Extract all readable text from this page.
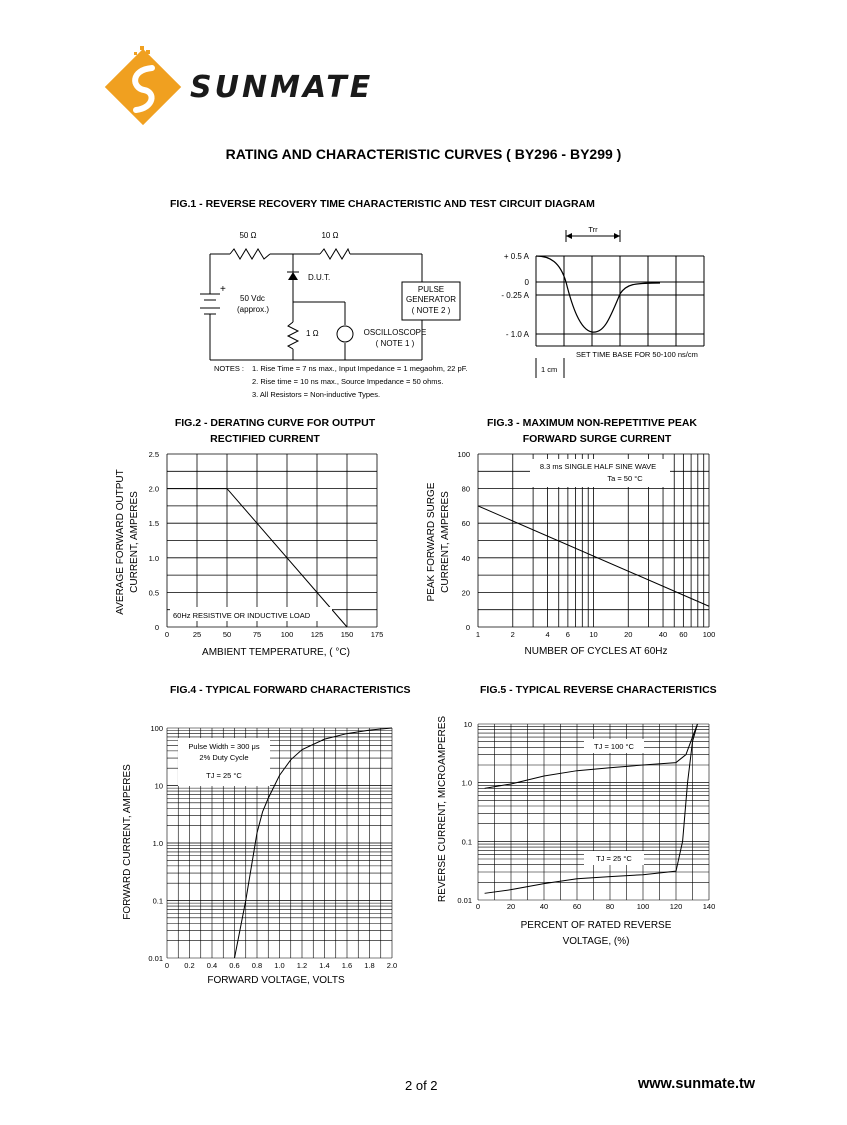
SUNMATE
RATING AND CHARACTERISTIC CURVES ( BY296 - BY299 )
FIG.1 - REVERSE RECOVERY TIME CHARACTERISTIC AND TEST CIRCUIT DIAGRAM
50 Ω	10 Ω
D.U.T.
+
50 Vdc
(approx.)
1 Ω
PULSE
GENERATOR
( NOTE 2 )
OSCILLOSCOPE
( NOTE 1 )
NOTES : 1. Rise Time = 7 ns max., Input Impedance = 1 megaohm, 22 pF.
2. Rise time = 10 ns max., Source Impedance = 50 ohms.
3. All Resistors = Non-inductive Types.
Trr
+ 0.5 A
0
- 0.25 A
- 1.0 A
SET TIME BASE FOR 50-100 ns/cm
1 cm
FIG.2 - DERATING CURVE FOR OUTPUT
RECTIFIED CURRENT
FIG.3 - MAXIMUM NON-REPETITIVE PEAK
FORWARD SURGE CURRENT
0	25	50	75	100 125 150 175
0
0.5
1.0
1.5
2.0
2.5
60Hz RESISTIVE OR INDUCTIVE LOAD
AVERAGE FORWARD OUTPUT CURRENT, AMPERES
AMBIENT TEMPERATURE, ( °C)
1	2	4 6	10	20	40 60 100
0
20
40
60
80
100
8.3 ms SINGLE HALF SINE WAVE
Ta = 50 °C
PEAK FORWARD SURGE CURRENT, AMPERES
NUMBER OF CYCLES AT 60Hz
FIG.4 - TYPICAL FORWARD CHARACTERISTICS	FIG.5 - TYPICAL REVERSE CHARACTERISTICS
0 0.2 0.4 0.6 0.8 1.0 1.2 1.4 1.6 1.8 2.0
0.01
0.1
1.0
10
100
Pulse Width = 300 μs
2% Duty Cycle
TJ = 25 °C
FORWARD CURRENT, AMPERES
FORWARD VOLTAGE, VOLTS
0	20	40	60	80	100	120	140
0.01
0.1
1.0
10
TJ = 100 °C
TJ = 25 °C
REVERSE CURRENT, MICROAMPERES
PERCENT OF RATED REVERSE
VOLTAGE, (%)
2 of 2	www.sunmate.tw
